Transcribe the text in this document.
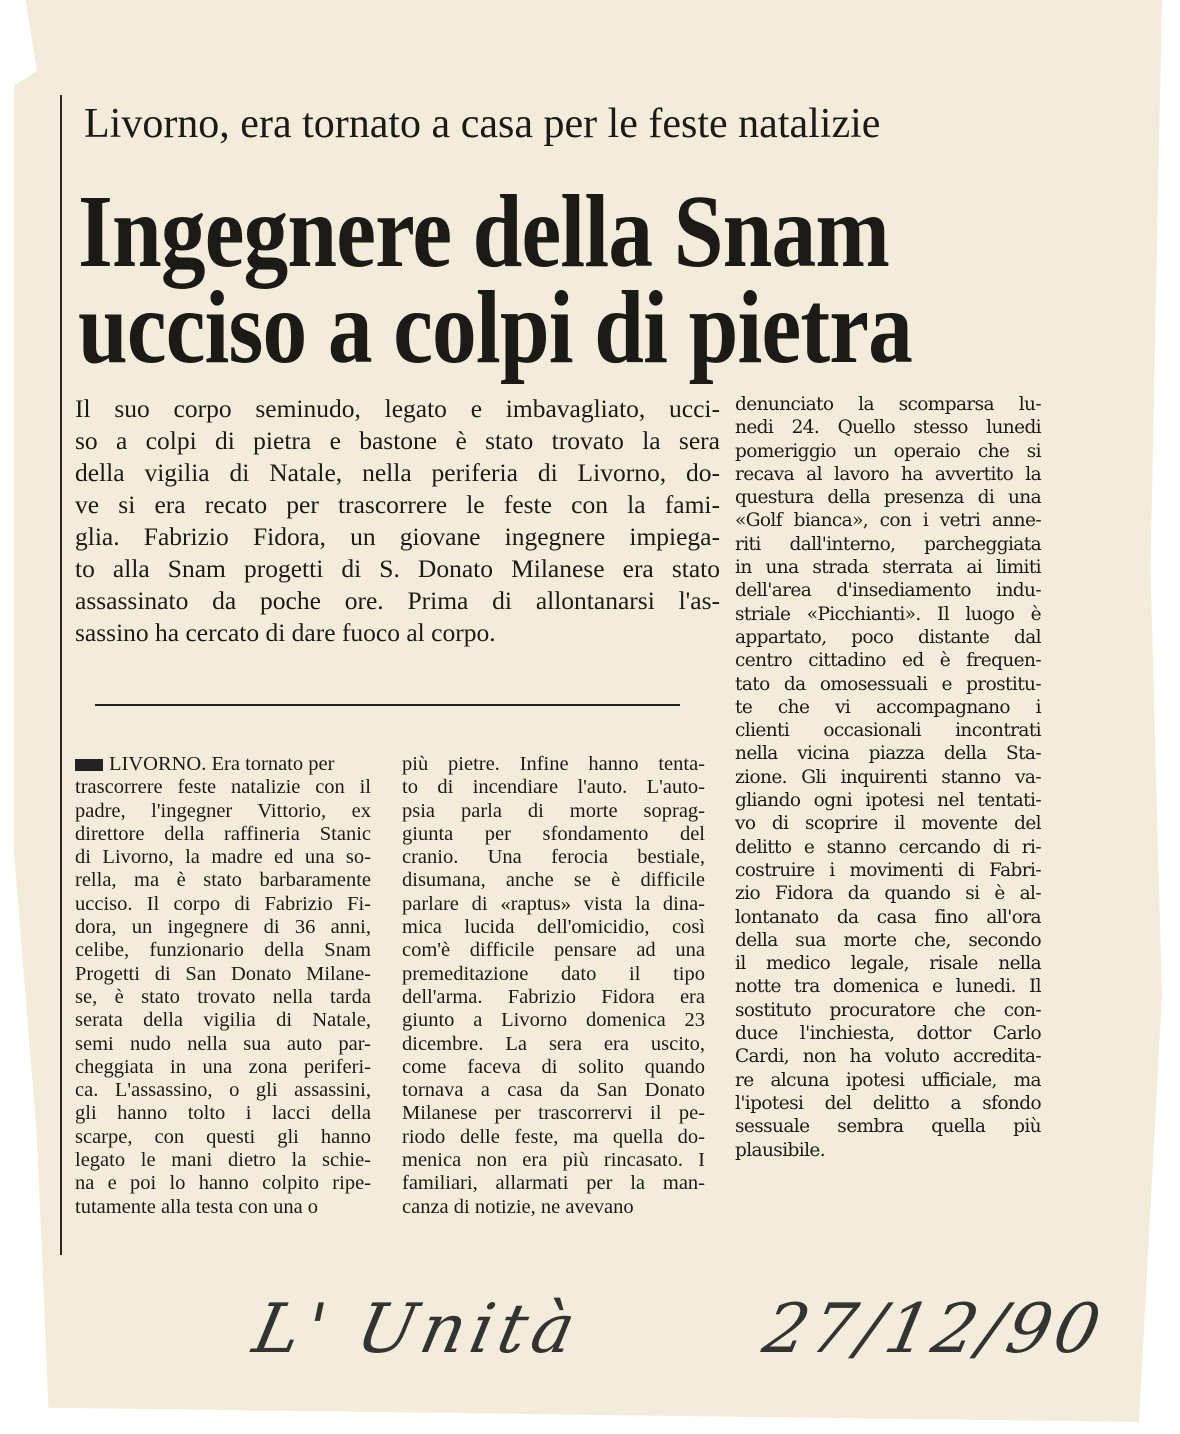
Livorno, era tornato a casa per le feste natalizie
Ingegnere della Snam
ucciso a colpi di pietra
Il suo corpo seminudo, legato e imbavagliato, ucci-
so a colpi di pietra e bastone è stato trovato la sera
della vigilia di Natale, nella periferia di Livorno, do-
ve si era recato per trascorrere le feste con la fami-
glia. Fabrizio Fidora, un giovane ingegnere impiega-
to alla Snam progetti di S. Donato Milanese era stato
assassinato da poche ore. Prima di allontanarsi l'as-
sassino ha cercato di dare fuoco al corpo.
LIVORNO. Era tornato per
trascorrere feste natalizie con il
padre, l'ingegner Vittorio, ex
direttore della raffineria Stanic
di Livorno, la madre ed una so-
rella, ma è stato barbaramente
ucciso. Il corpo di Fabrizio Fi-
dora, un ingegnere di 36 anni,
celibe, funzionario della Snam
Progetti di San Donato Milane-
se, è stato trovato nella tarda
serata della vigilia di Natale,
semi nudo nella sua auto par-
cheggiata in una zona periferi-
ca. L'assassino, o gli assassini,
gli hanno tolto i lacci della
scarpe, con questi gli hanno
legato le mani dietro la schie-
na e poi lo hanno colpito ripe-
tutamente alla testa con una o
più pietre. Infine hanno tenta-
to di incendiare l'auto. L'auto-
psia parla di morte soprag-
giunta per sfondamento del
cranio. Una ferocia bestiale,
disumana, anche se è difficile
parlare di «raptus» vista la dina-
mica lucida dell'omicidio, così
com'è difficile pensare ad una
premeditazione dato il tipo
dell'arma. Fabrizio Fidora era
giunto a Livorno domenica 23
dicembre. La sera era uscito,
come faceva di solito quando
tornava a casa da San Donato
Milanese per trascorrervi il pe-
riodo delle feste, ma quella do-
menica non era più rincasato. I
familiari, allarmati per la man-
canza di notizie, ne avevano
denunciato la scomparsa lu-
nedi 24. Quello stesso lunedi
pomeriggio un operaio che si
recava al lavoro ha avvertito la
questura della presenza di una
«Golf bianca», con i vetri anne-
riti dall'interno, parcheggiata
in una strada sterrata ai limiti
dell'area d'insediamento indu-
striale «Picchianti». Il luogo è
appartato, poco distante dal
centro cittadino ed è frequen-
tato da omosessuali e prostitu-
te che vi accompagnano i
clienti occasionali incontrati
nella vicina piazza della Sta-
zione. Gli inquirenti stanno va-
gliando ogni ipotesi nel tentati-
vo di scoprire il movente del
delitto e stanno cercando di ri-
costruire i movimenti di Fabri-
zio Fidora da quando si è al-
lontanato da casa fino all'ora
della sua morte che, secondo
il medico legale, risale nella
notte tra domenica e lunedi. Il
sostituto procuratore che con-
duce l'inchiesta, dottor Carlo
Cardi, non ha voluto accredita-
re alcuna ipotesi ufficiale, ma
l'ipotesi del delitto a sfondo
sessuale sembra quella più
plausibile.
L' Unità 27/12/90
